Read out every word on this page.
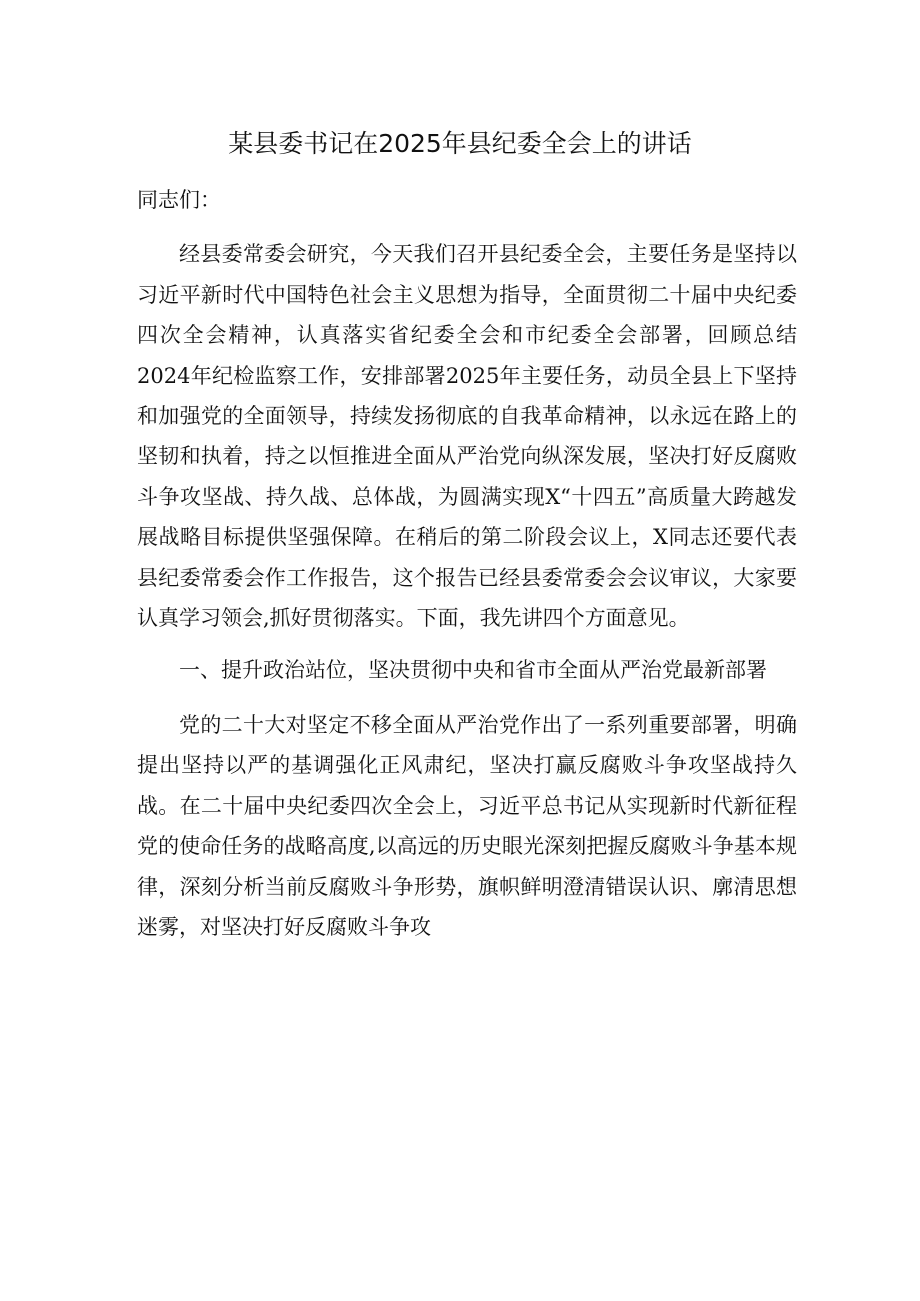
某县委书记在2025年县纪委全会上的讲话

同志们：

经县委常委会研究，今天我们召开县纪委全会，主要任务是坚持以习近平新时代中国特色社会主义思想为指导，全面贯彻二十届中央纪委四次全会精神，认真落实省纪委全会和市纪委全会部署，回顾总结2024年纪检监察工作，安排部署2025年主要任务，动员全县上下坚持和加强党的全面领导，持续发扬彻底的自我革命精神，以永远在路上的坚韧和执着，持之以恒推进全面从严治党向纵深发展，坚决打好反腐败斗争攻坚战、持久战、总体战，为圆满实现X“十四五”高质量大跨越发展战略目标提供坚强保障。在稍后的第二阶段会议上，X同志还要代表县纪委常委会作工作报告，这个报告已经县委常委会会议审议，大家要认真学习领会,抓好贯彻落实。下面，我先讲四个方面意见。

一、提升政治站位，坚决贯彻中央和省市全面从严治党最新部署

党的二十大对坚定不移全面从严治党作出了一系列重要部署，明确提出坚持以严的基调强化正风肃纪，坚决打赢反腐败斗争攻坚战持久战。在二十届中央纪委四次全会上，习近平总书记从实现新时代新征程党的使命任务的战略高度,以高远的历史眼光深刻把握反腐败斗争基本规律，深刻分析当前反腐败斗争形势，旗帜鲜明澄清错误认识、廓清思想迷雾，对坚决打好反腐败斗争攻
